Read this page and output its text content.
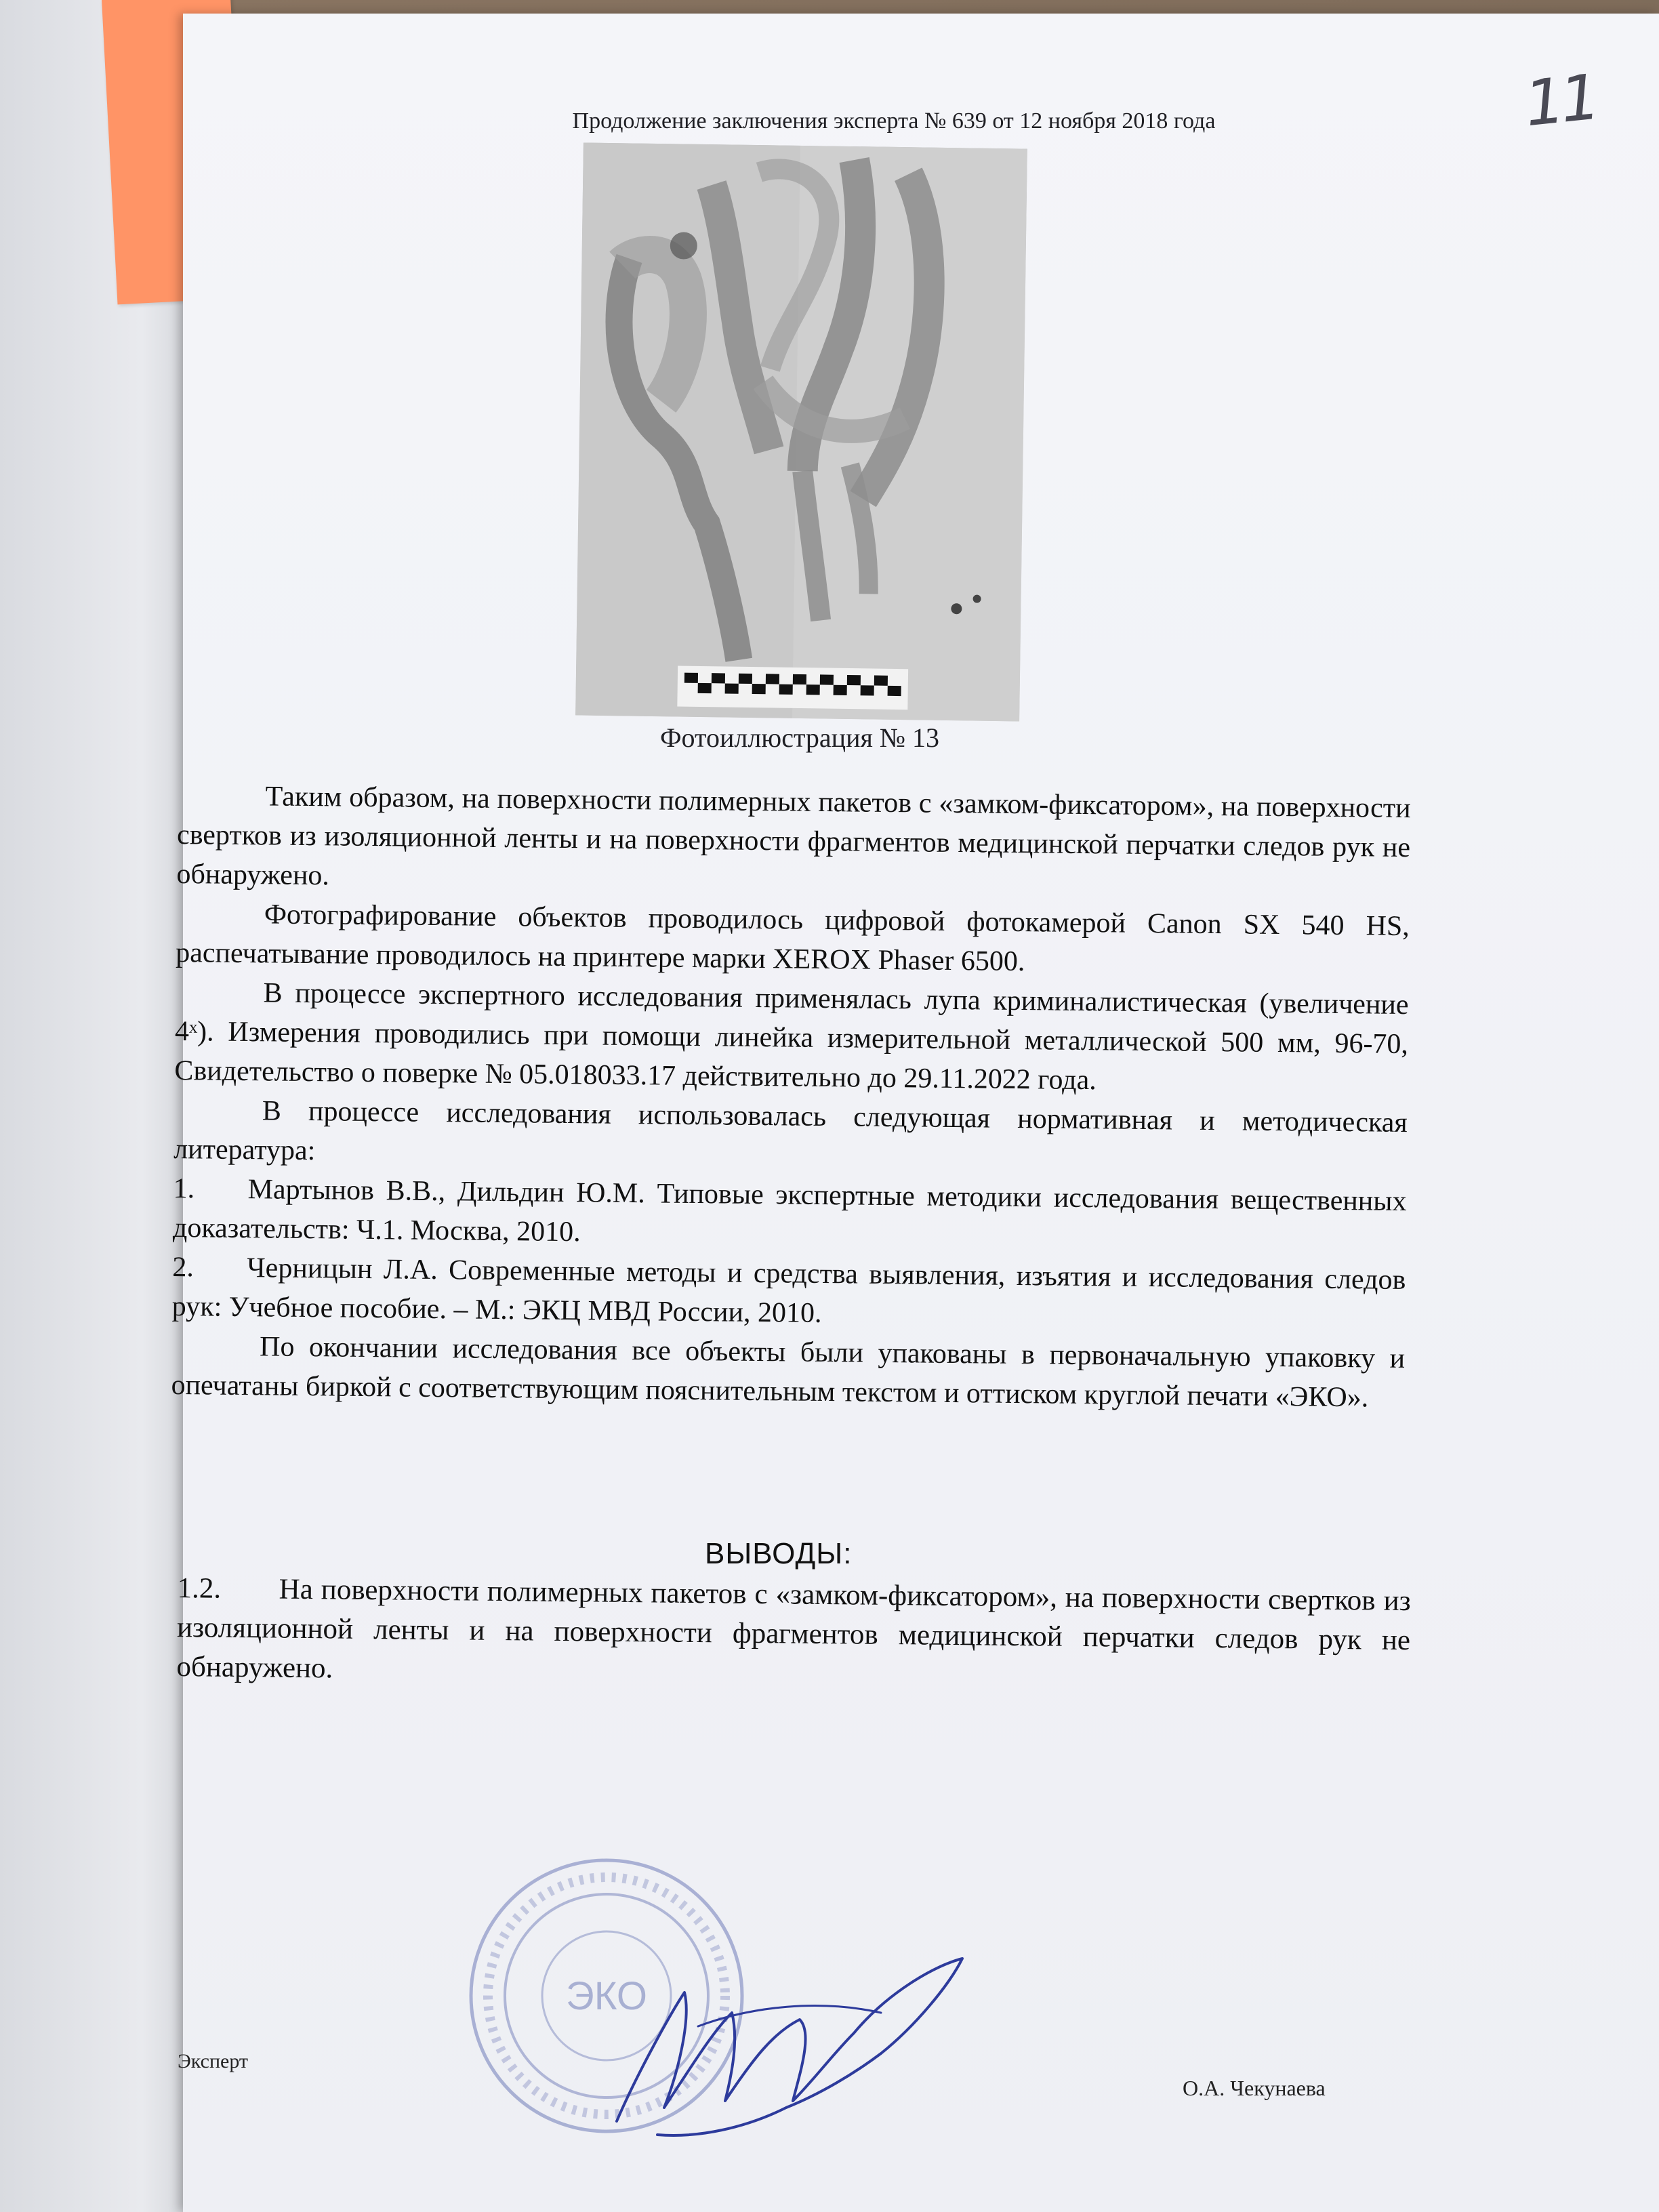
11
Продолжение заключения эксперта № 639 от 12 ноября 2018 года
Фотоиллюстрация № 13

Таким образом, на поверхности полимерных пакетов с «замком-фиксатором», на поверхности свертков из изоляционной ленты и на поверхности фрагментов медицинской перчатки следов рук не обнаружено.

Фотографирование объектов проводилось цифровой фотокамерой Canon SX 540 HS, распечатывание проводилось на принтере марки XEROX Phaser 6500.

В процессе экспертного исследования применялась лупа криминалистическая (увеличение 4ˣ). Измерения проводились при помощи линейка измерительной металлической 500 мм, 96-70, Свидетельство о поверке № 05.018033.17 действительно до 29.11.2022 года.

В процессе исследования использовалась следующая нормативная и методическая литература:

1. Мартынов В.В., Дильдин Ю.М. Типовые экспертные методики исследования вещественных доказательств: Ч.1. Москва, 2010.

2. Черницын Л.А. Современные методы и средства выявления, изъятия и исследования следов рук: Учебное пособие. – М.: ЭКЦ МВД России, 2010.

По окончании исследования все объекты были упакованы в первоначальную упаковку и опечатаны биркой с соответствующим пояснительным текстом и оттиском круглой печати «ЭКО».

ВЫВОДЫ:
1.2. На поверхности полимерных пакетов с «замком-фиксатором», на поверхности свертков из изоляционной ленты и на поверхности фрагментов медицинской перчатки следов рук не обнаружено.
ЭКО
Эксперт
О.А. Чекунаева
